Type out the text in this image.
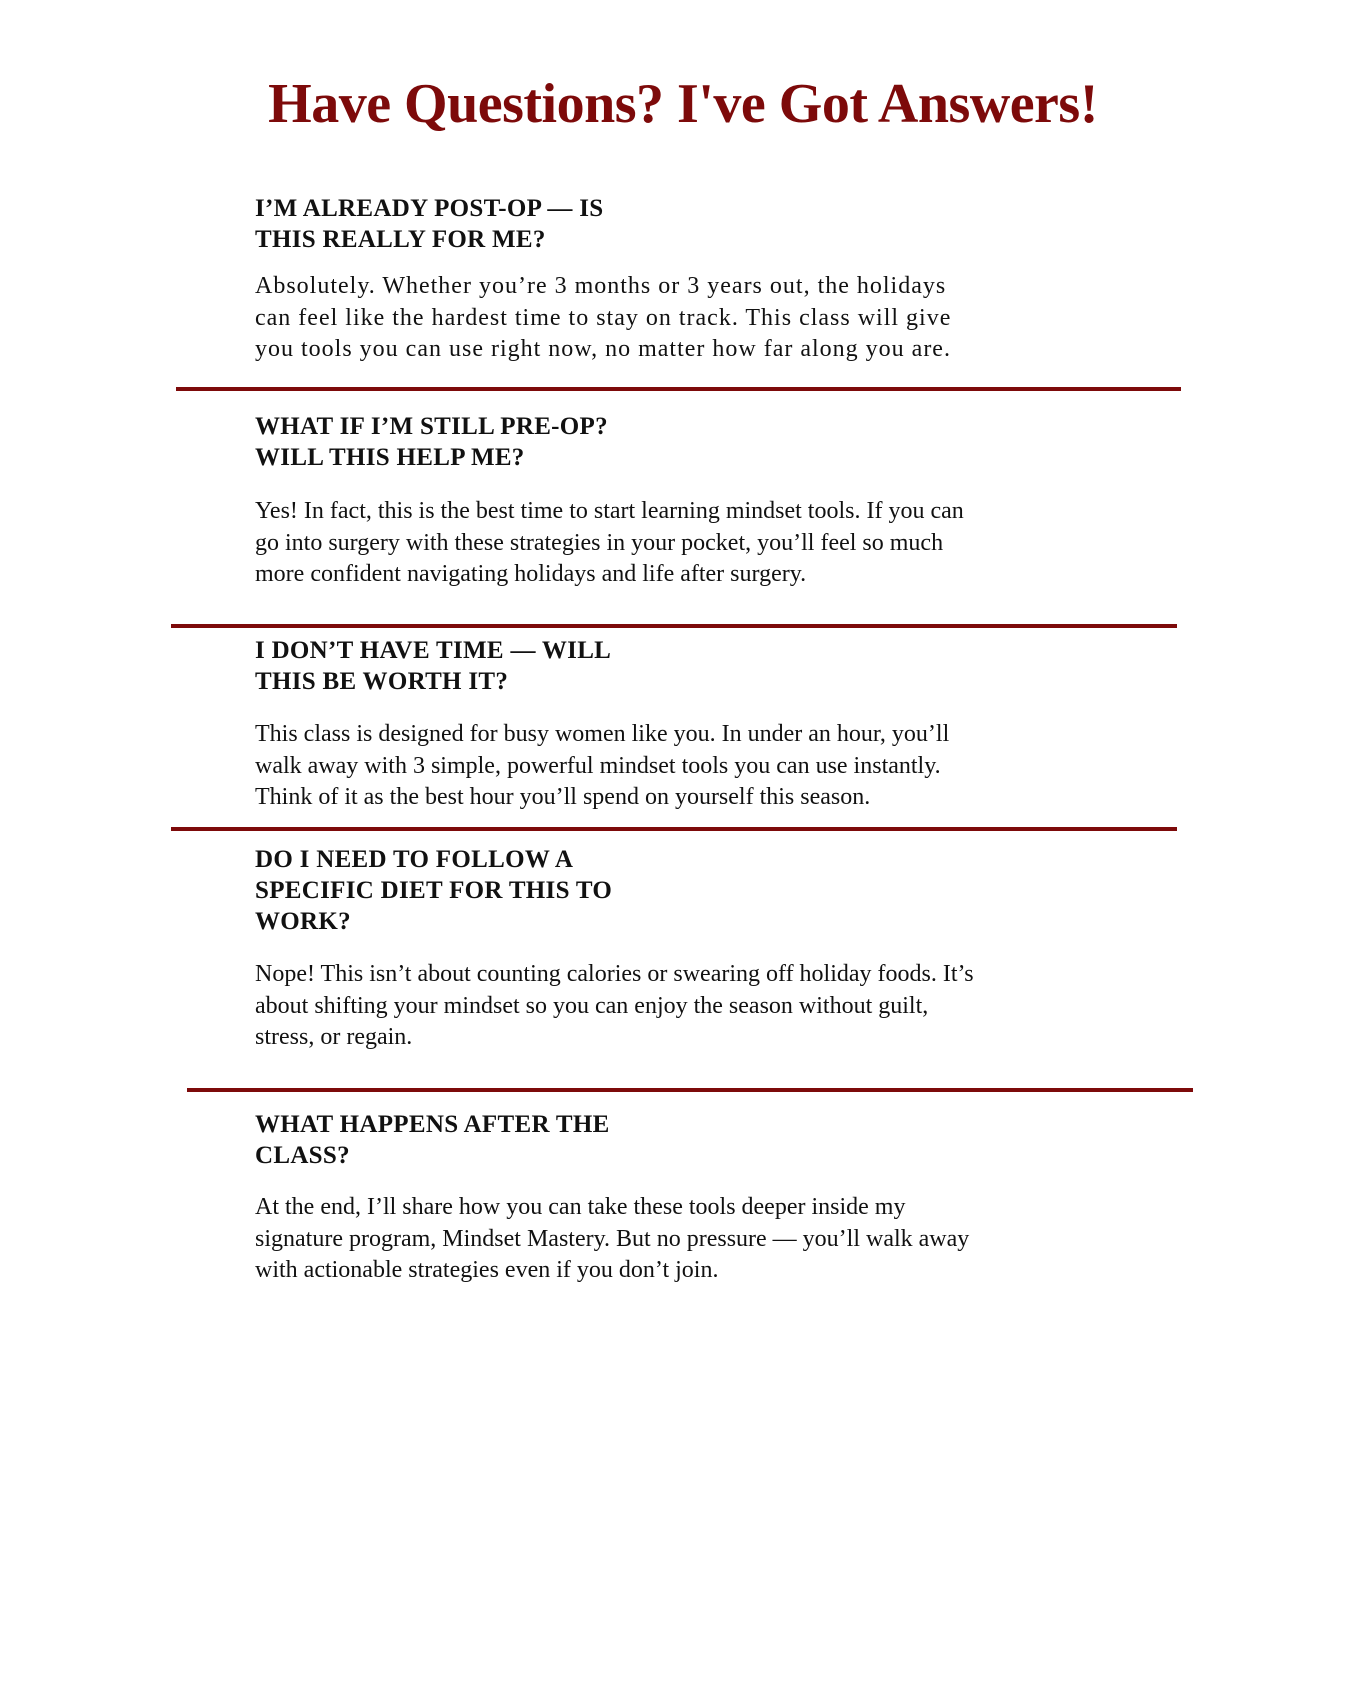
Have Questions? I've Got Answers!
I’M ALREADY POST-OP — IS
THIS REALLY FOR ME?
Absolutely. Whether you’re 3 months or 3 years out, the holidays
can feel like the hardest time to stay on track. This class will give
you tools you can use right now, no matter how far along you are.
WHAT IF I’M STILL PRE-OP?
WILL THIS HELP ME?
Yes! In fact, this is the best time to start learning mindset tools. If you can
go into surgery with these strategies in your pocket, you’ll feel so much
more confident navigating holidays and life after surgery.
I DON’T HAVE TIME — WILL
THIS BE WORTH IT?
This class is designed for busy women like you. In under an hour, you’ll
walk away with 3 simple, powerful mindset tools you can use instantly.
Think of it as the best hour you’ll spend on yourself this season.
DO I NEED TO FOLLOW A
SPECIFIC DIET FOR THIS TO
WORK?
Nope! This isn’t about counting calories or swearing off holiday foods. It’s
about shifting your mindset so you can enjoy the season without guilt,
stress, or regain.
WHAT HAPPENS AFTER THE
CLASS?
At the end, I’ll share how you can take these tools deeper inside my
signature program, Mindset Mastery. But no pressure — you’ll walk away
with actionable strategies even if you don’t join.
